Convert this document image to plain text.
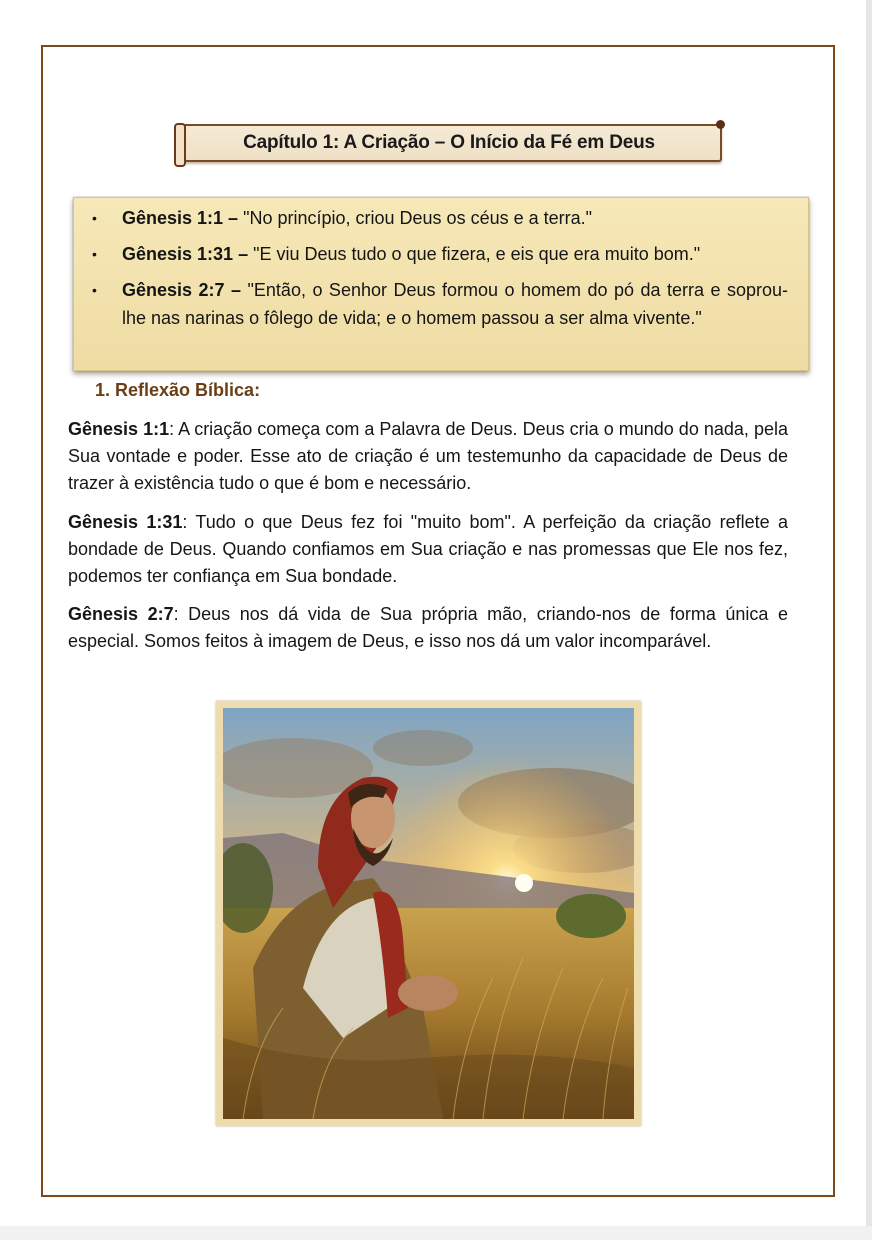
Capítulo 1: A Criação – O Início da Fé em Deus
• Gênesis 1:1 – "No princípio, criou Deus os céus e a terra."
• Gênesis 1:31 – "E viu Deus tudo o que fizera, e eis que era muito bom."
• Gênesis 2:7 – "Então, o Senhor Deus formou o homem do pó da terra e soprou-lhe nas narinas o fôlego de vida; e o homem passou a ser alma vivente."
1. Reflexão Bíblica:

Gênesis 1:1: A criação começa com a Palavra de Deus. Deus cria o mundo do nada, pela Sua vontade e poder. Esse ato de criação é um testemunho da capacidade de Deus de trazer à existência tudo o que é bom e necessário.

Gênesis 1:31: Tudo o que Deus fez foi "muito bom". A perfeição da criação reflete a bondade de Deus. Quando confiamos em Sua criação e nas promessas que Ele nos fez, podemos ter confiança em Sua bondade.

Gênesis 2:7: Deus nos dá vida de Sua própria mão, criando-nos de forma única e especial. Somos feitos à imagem de Deus, e isso nos dá um valor incomparável.
